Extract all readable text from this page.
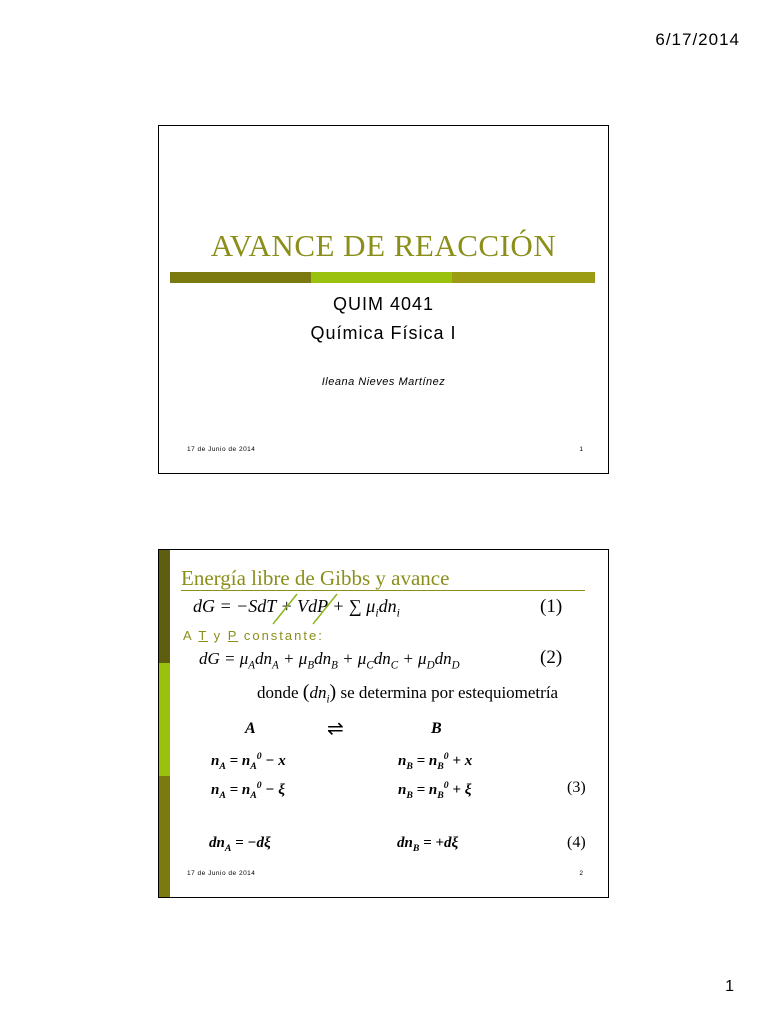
6/17/2014
AVANCE DE REACCIÓN
QUIM 4041
Química Física I
Ileana Nieves Martínez
17 de Junio de 2014	1
Energía libre de Gibbs y avance
dG = −SdT + VdP + ∑ $\mu_idn_i$	(1)
A T y P constante:
dG = $\mu_Adn_A + \mu_Bdn_B + \mu_Cdn_C + \mu_Ddn_D$	(2)
donde $(dn_i)$ se determina por estequiometría
A	⇌	B
$n_A = n_A^0 - x$	$n_B = n_B^0 + x$
$n_A = n_A^0 - \xi$	$n_B = n_B^0 + \xi$	(3)
$dn_A = -d\xi$	$dn_B = +d\xi$	(4)
17 de Junio de 2014	2
1
